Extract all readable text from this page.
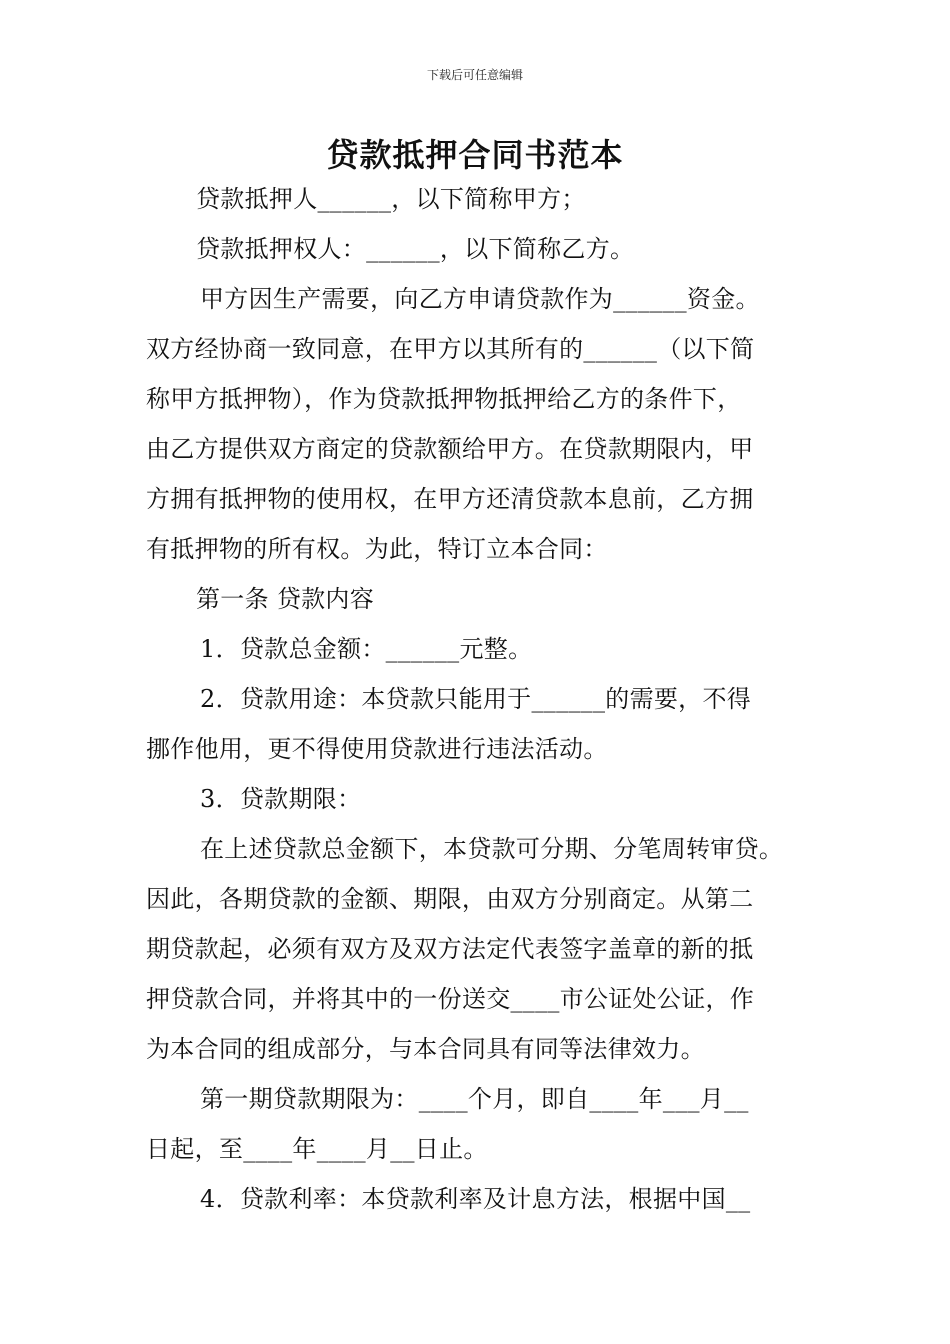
下载后可任意编辑
贷款抵押合同书范本
贷款抵押人______，以下简称甲方；
贷款抵押权人：______，以下简称乙方。
甲方因生产需要，向乙方申请贷款作为______资金。
双方经协商一致同意，在甲方以其所有的______（以下简
称甲方抵押物），作为贷款抵押物抵押给乙方的条件下，
由乙方提供双方商定的贷款额给甲方。在贷款期限内，甲
方拥有抵押物的使用权，在甲方还清贷款本息前，乙方拥
有抵押物的所有权。为此，特订立本合同：
第一条 贷款内容
1．贷款总金额：______元整。
2．贷款用途：本贷款只能用于______的需要，不得
挪作他用，更不得使用贷款进行违法活动。
3．贷款期限：
在上述贷款总金额下，本贷款可分期、分笔周转审贷。
因此，各期贷款的金额、期限，由双方分别商定。从第二
期贷款起，必须有双方及双方法定代表签字盖章的新的抵
押贷款合同，并将其中的一份送交____市公证处公证，作
为本合同的组成部分，与本合同具有同等法律效力。
第一期贷款期限为：____个月，即自____年___月__
日起，至____年____月__日止。
4．贷款利率：本贷款利率及计息方法，根据中国__
